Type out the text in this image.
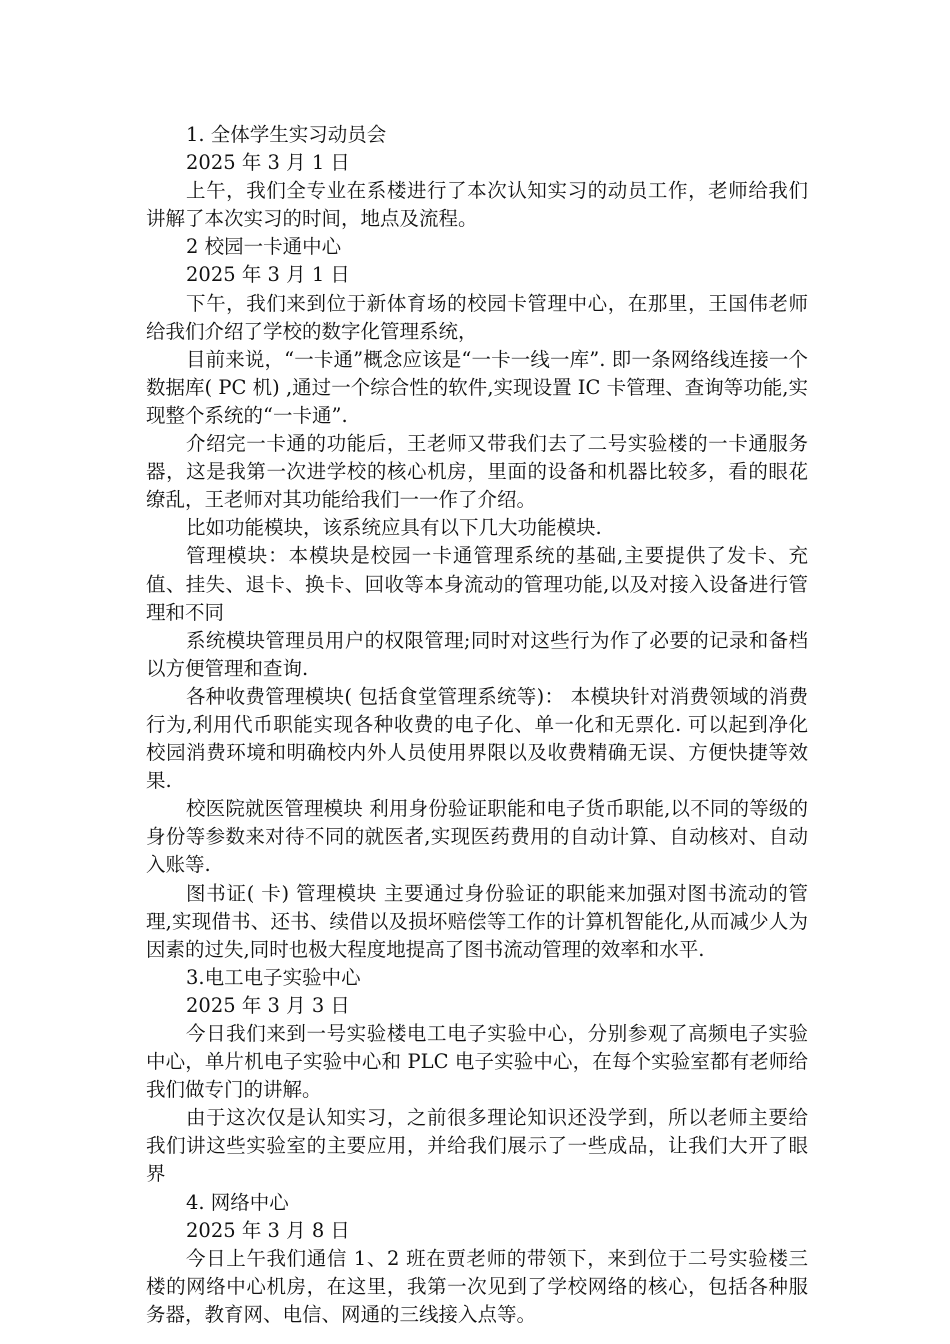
1. 全体学生实习动员会

2025 年 3 月 1 日

上午，我们全专业在系楼进行了本次认知实习的动员工作，老师给我们讲解了本次实习的时间，地点及流程。

2 校园一卡通中心

2025 年 3 月 1 日

下午，我们来到位于新体育场的校园卡管理中心，在那里，王国伟老师给我们介绍了学校的数字化管理系统，

目前来说，“一卡通”概念应该是“一卡一线一库”. 即一条网络线连接一个数据库( PC 机) ,通过一个综合性的软件,实现设置 IC 卡管理、查询等功能,实现整个系统的“一卡通”.

介绍完一卡通的功能后，王老师又带我们去了二号实验楼的一卡通服务器，这是我第一次进学校的核心机房，里面的设备和机器比较多，看的眼花缭乱，王老师对其功能给我们一一作了介绍。

比如功能模块，该系统应具有以下几大功能模块.

管理模块：本模块是校园一卡通管理系统的基础,主要提供了发卡、充值、挂失、退卡、换卡、回收等本身流动的管理功能,以及对接入设备进行管理和不同

系统模块管理员用户的权限管理;同时对这些行为作了必要的记录和备档以方便管理和查询.

各种收费管理模块( 包括食堂管理系统等)： 本模块针对消费领域的消费行为,利用代币职能实现各种收费的电子化、单一化和无票化. 可以起到净化校园消费环境和明确校内外人员使用界限以及收费精确无误、方便快捷等效果.

校医院就医管理模块 利用身份验证职能和电子货币职能,以不同的等级的身份等参数来对待不同的就医者,实现医药费用的自动计算、自动核对、自动入账等.

图书证( 卡) 管理模块 主要通过身份验证的职能来加强对图书流动的管理,实现借书、还书、续借以及损坏赔偿等工作的计算机智能化,从而减少人为因素的过失,同时也极大程度地提高了图书流动管理的效率和水平.

3.电工电子实验中心

2025 年 3 月 3 日

今日我们来到一号实验楼电工电子实验中心，分别参观了高频电子实验中心，单片机电子实验中心和 PLC 电子实验中心，在每个实验室都有老师给我们做专门的讲解。

由于这次仅是认知实习，之前很多理论知识还没学到，所以老师主要给我们讲这些实验室的主要应用，并给我们展示了一些成品，让我们大开了眼界

4. 网络中心

2025 年 3 月 8 日

今日上午我们通信 1、2 班在贾老师的带领下，来到位于二号实验楼三楼的网络中心机房，在这里，我第一次见到了学校网络的核心，包括各种服务器，教育网、电信、网通的三线接入点等。
